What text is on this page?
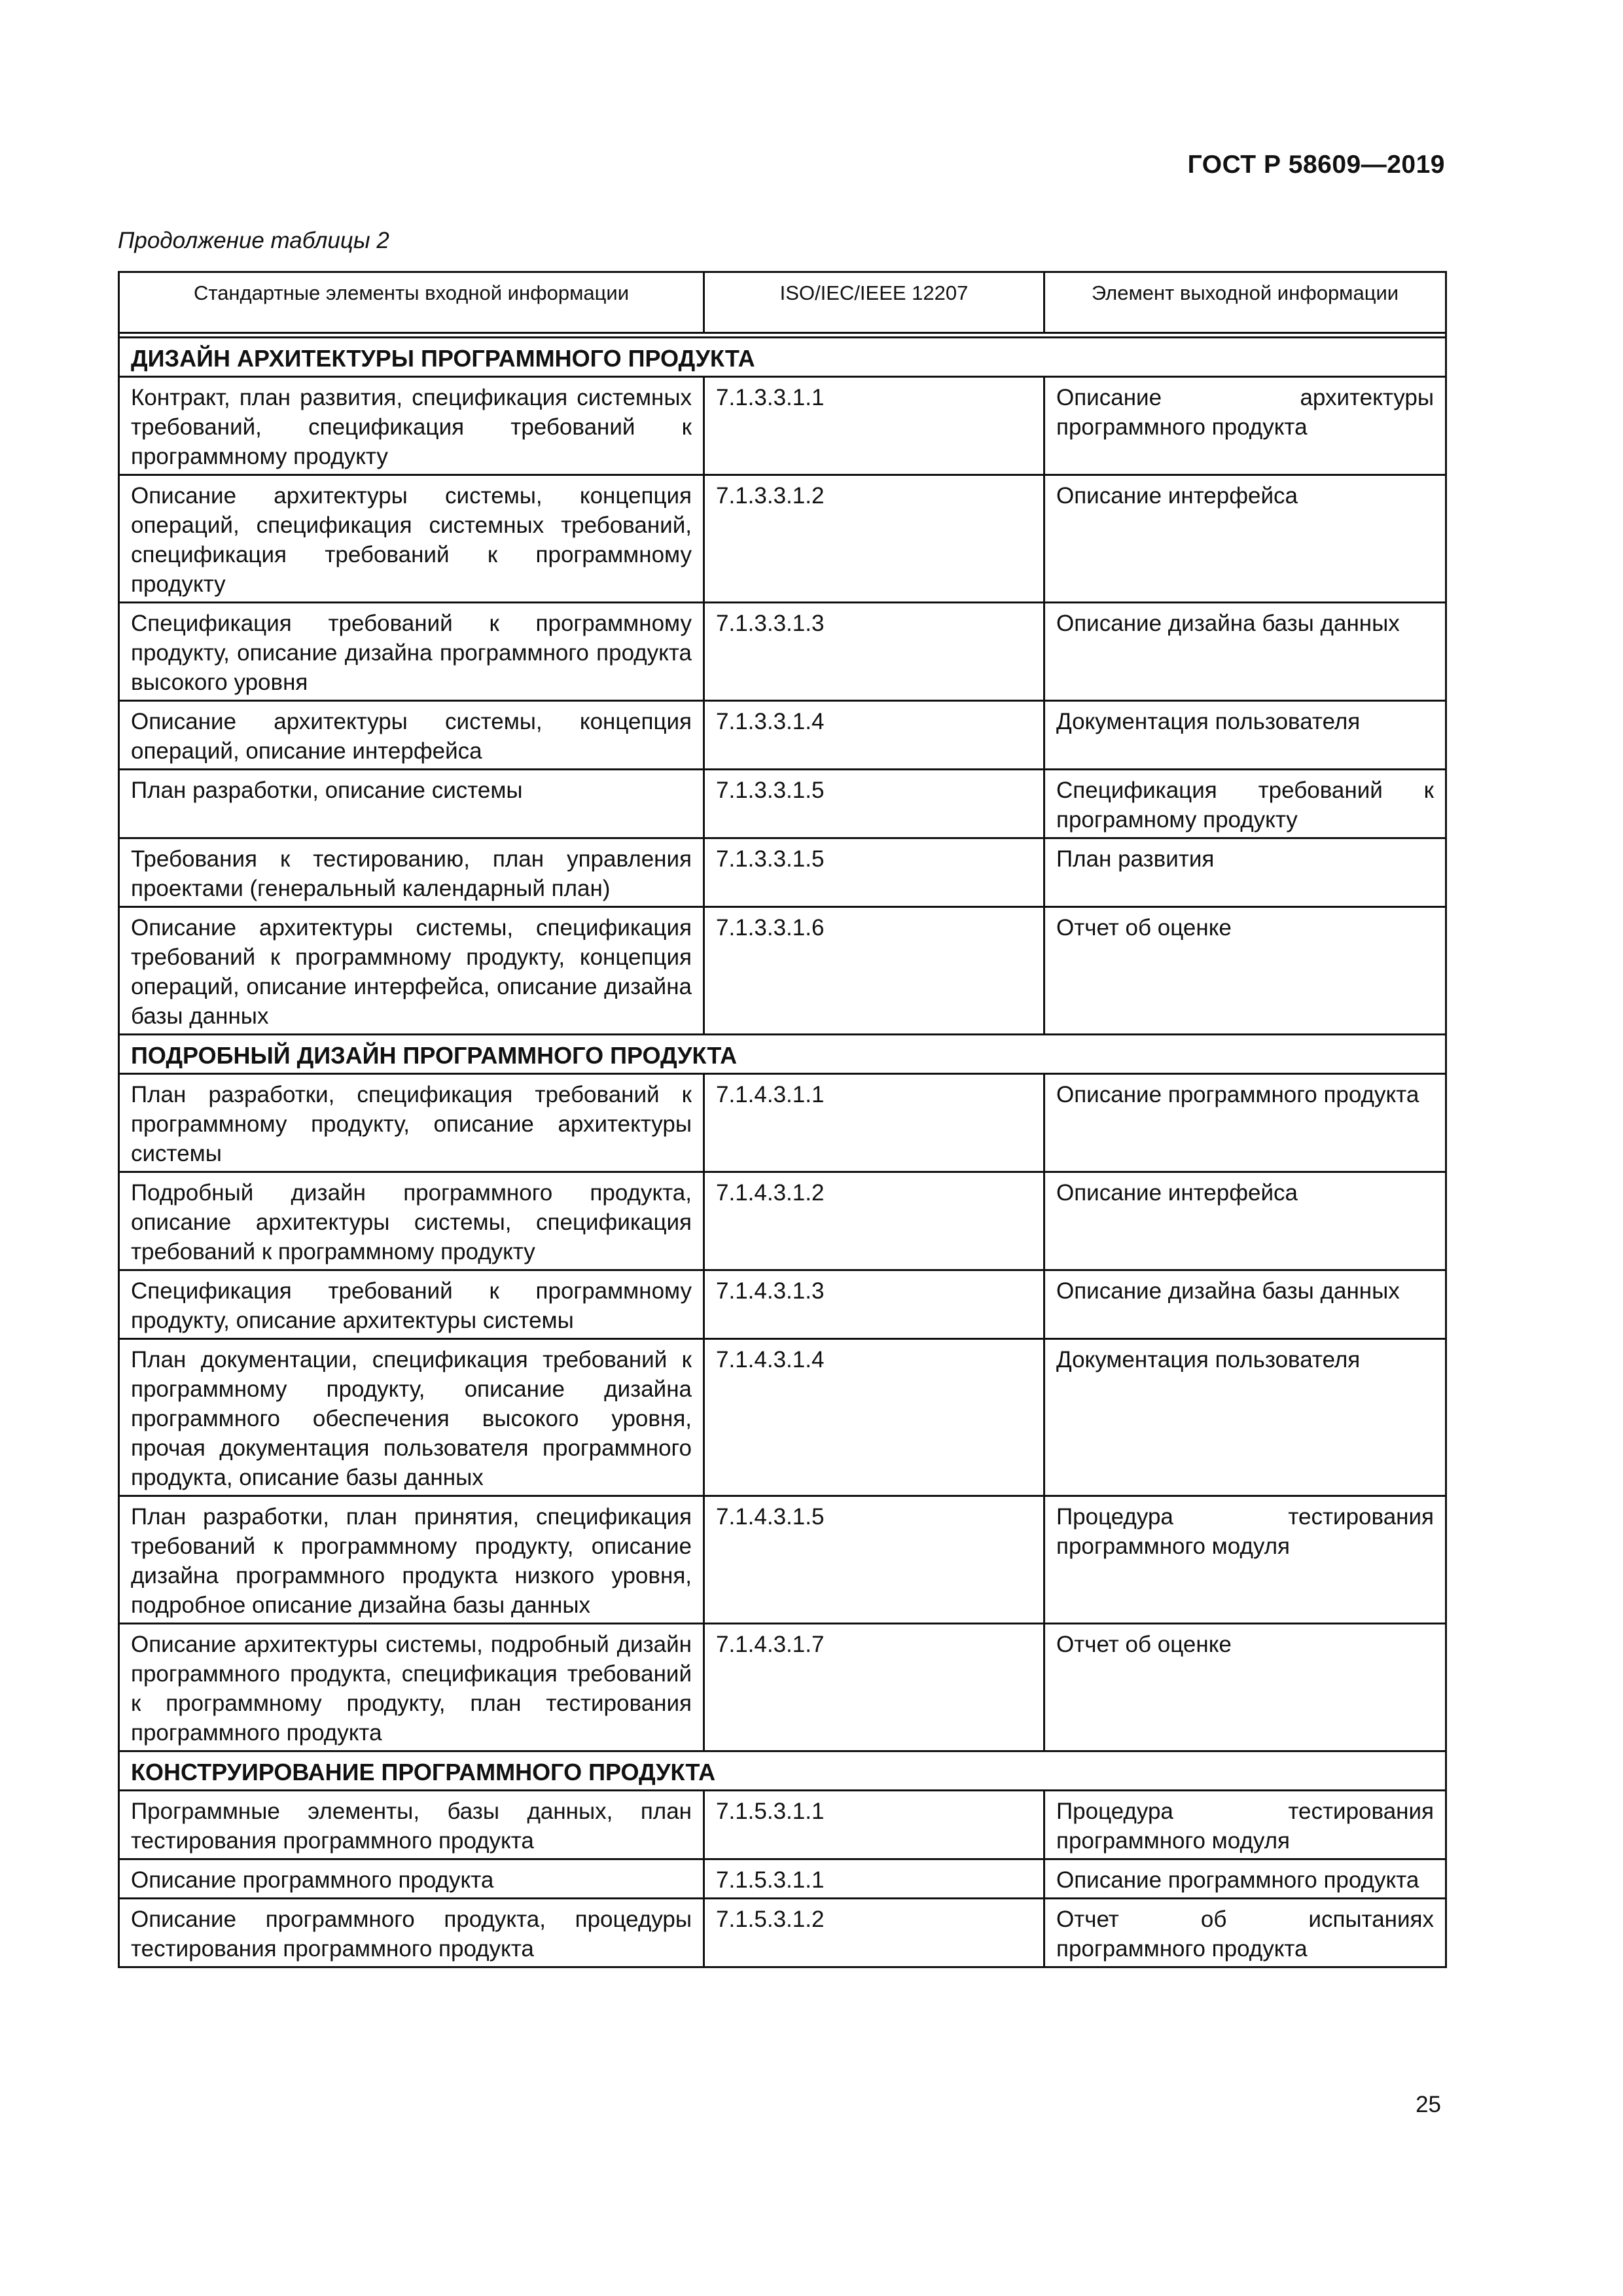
ГОСТ Р 58609—2019
Продолжение таблицы 2
Стандартные элементы входной информации	ISO/IEC/IEEE 12207	Элемент выходной информации

ДИЗАЙН АРХИТЕКТУРЫ ПРОГРАММНОГО ПРОДУКТА		
Контракт, план развития, спецификация системных требований, спецификация требований к программному продукту	7.1.3.3.1.1	Описание архитектуры программного продукта
Описание архитектуры системы, концепция операций, спецификация системных требований, спецификация требований к программному продукту	7.1.3.3.1.2	Описание интерфейса
Спецификация требований к программному продукту, описание дизайна программного продукта высокого уровня	7.1.3.3.1.3	Описание дизайна базы данных
Описание архитектуры системы, концепция операций, описание интерфейса	7.1.3.3.1.4	Документация пользователя
План разработки, описание системы	7.1.3.3.1.5	Спецификация требований к програмному продукту
Требования к тестированию, план управления проектами (генеральный календарный план)	7.1.3.3.1.5	План развития
Описание архитектуры системы, спецификация требований к программному продукту, концепция операций, описание интерфейса, описание дизайна базы данных	7.1.3.3.1.6	Отчет об оценке
ПОДРОБНЫЙ ДИЗАЙН ПРОГРАММНОГО ПРОДУКТА		
План разработки, спецификация требований к программному продукту, описание архитектуры системы	7.1.4.3.1.1	Описание программного продукта
Подробный дизайн программного продукта, описание архитектуры системы, спецификация требований к программному продукту	7.1.4.3.1.2	Описание интерфейса
Спецификация требований к программному продукту, описание архитектуры системы	7.1.4.3.1.3	Описание дизайна базы данных
План документации, спецификация требований к программному продукту, описание дизайна программного обеспечения высокого уровня, прочая документация пользователя программного продукта, описание базы данных	7.1.4.3.1.4	Документация пользователя
План разработки, план принятия, спецификация требований к программному продукту, описание дизайна программного продукта низкого уровня, подробное описание дизайна базы данных	7.1.4.3.1.5	Процедура тестирования программного модуля
Описание архитектуры системы, подробный дизайн программного продукта, спецификация требований к программному продукту, план тестирования программного продукта	7.1.4.3.1.7	Отчет об оценке
КОНСТРУИРОВАНИЕ ПРОГРАММНОГО ПРОДУКТА		
Программные элементы, базы данных, план тестирования программного продукта	7.1.5.3.1.1	Процедура тестирования программного модуля
Описание программного продукта	7.1.5.3.1.1	Описание программного продукта
Описание программного продукта, процедуры тестирования программного продукта	7.1.5.3.1.2	Отчет об испытаниях программного продукта
25
